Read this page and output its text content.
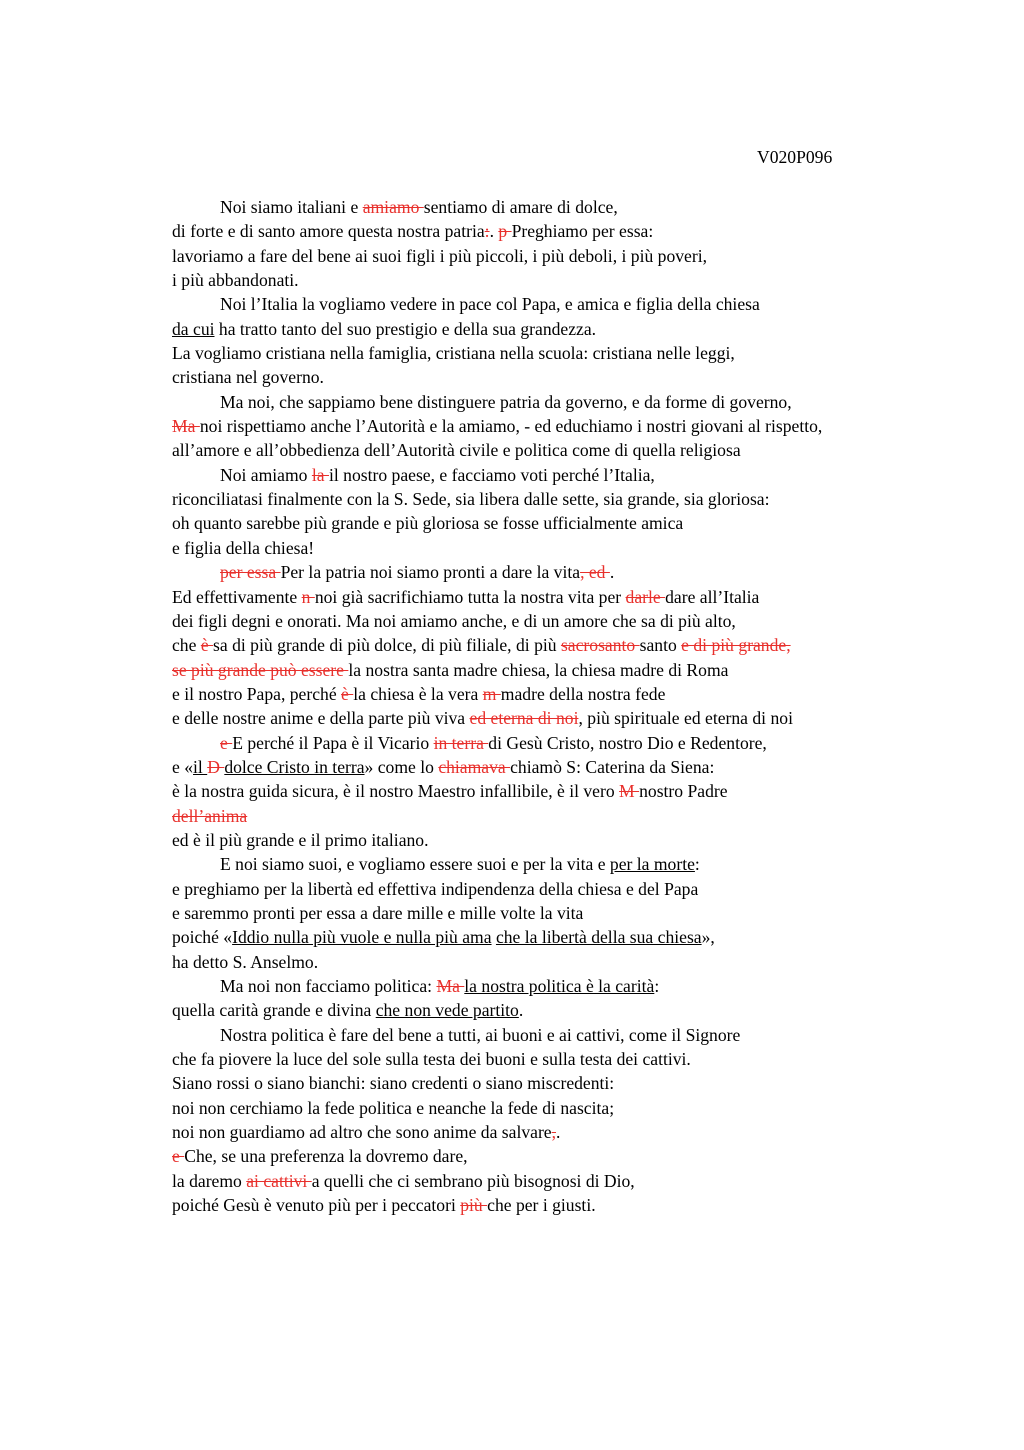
V020P096
Noi siamo italiani e amiamo sentiamo di amare di dolce,
di forte e di santo amore questa nostra patria:. p Preghiamo per essa:
lavoriamo a fare del bene ai suoi figli i più piccoli, i più deboli, i più poveri,
i più abbandonati.
Noi l’Italia la vogliamo vedere in pace col Papa, e amica e figlia della chiesa
da cui ha tratto tanto del suo prestigio e della sua grandezza.
La vogliamo cristiana nella famiglia, cristiana nella scuola: cristiana nelle leggi,
cristiana nel governo.
Ma noi, che sappiamo bene distinguere patria da governo, e da forme di governo,
Ma noi rispettiamo anche l’Autorità e la amiamo, - ed educhiamo i nostri giovani al rispetto,
all’amore e all’obbedienza dell’Autorità civile e politica come di quella religiosa
Noi amiamo la il nostro paese, e facciamo voti perché l’Italia,
riconciliatasi finalmente con la S. Sede, sia libera dalle sette, sia grande, sia gloriosa:
oh quanto sarebbe più grande e più gloriosa se fosse ufficialmente amica
e figlia della chiesa!
per essa Per la patria noi siamo pronti a dare la vita, ed .
Ed effettivamente n noi già sacrifichiamo tutta la nostra vita per darle dare all’Italia
dei figli degni e onorati. Ma noi amiamo anche, e di un amore che sa di più alto,
che è sa di più grande di più dolce, di più filiale, di più sacrosanto santo e di più grande,
se più grande può essere la nostra santa madre chiesa, la chiesa madre di Roma
e il nostro Papa, perché è la chiesa è la vera m madre della nostra fede
e delle nostre anime e della parte più viva ed eterna di noi, più spirituale ed eterna di noi
e E perché il Papa è il Vicario in terra di Gesù Cristo, nostro Dio e Redentore,
e «il D dolce Cristo in terra» come lo chiamava chiamò S: Caterina da Siena:
è la nostra guida sicura, è il nostro Maestro infallibile, è il vero M nostro Padre
dell’anima
ed è il più grande e il primo italiano.
E noi siamo suoi, e vogliamo essere suoi e per la vita e per la morte:
e preghiamo per la libertà ed effettiva indipendenza della chiesa e del Papa
e saremmo pronti per essa a dare mille e mille volte la vita
poiché «Iddio nulla più vuole e nulla più ama che la libertà della sua chiesa»,
ha detto S. Anselmo.
Ma noi non facciamo politica: Ma la nostra politica è la carità:
quella carità grande e divina che non vede partito.
Nostra politica è fare del bene a tutti, ai buoni e ai cattivi, come il Signore
che fa piovere la luce del sole sulla testa dei buoni e sulla testa dei cattivi.
Siano rossi o siano bianchi: siano credenti o siano miscredenti:
noi non cerchiamo la fede politica e neanche la fede di nascita;
noi non guardiamo ad altro che sono anime da salvare,.
e Che, se una preferenza la dovremo dare,
la daremo ai cattivi a quelli che ci sembrano più bisognosi di Dio,
poiché Gesù è venuto più per i peccatori più che per i giusti.
